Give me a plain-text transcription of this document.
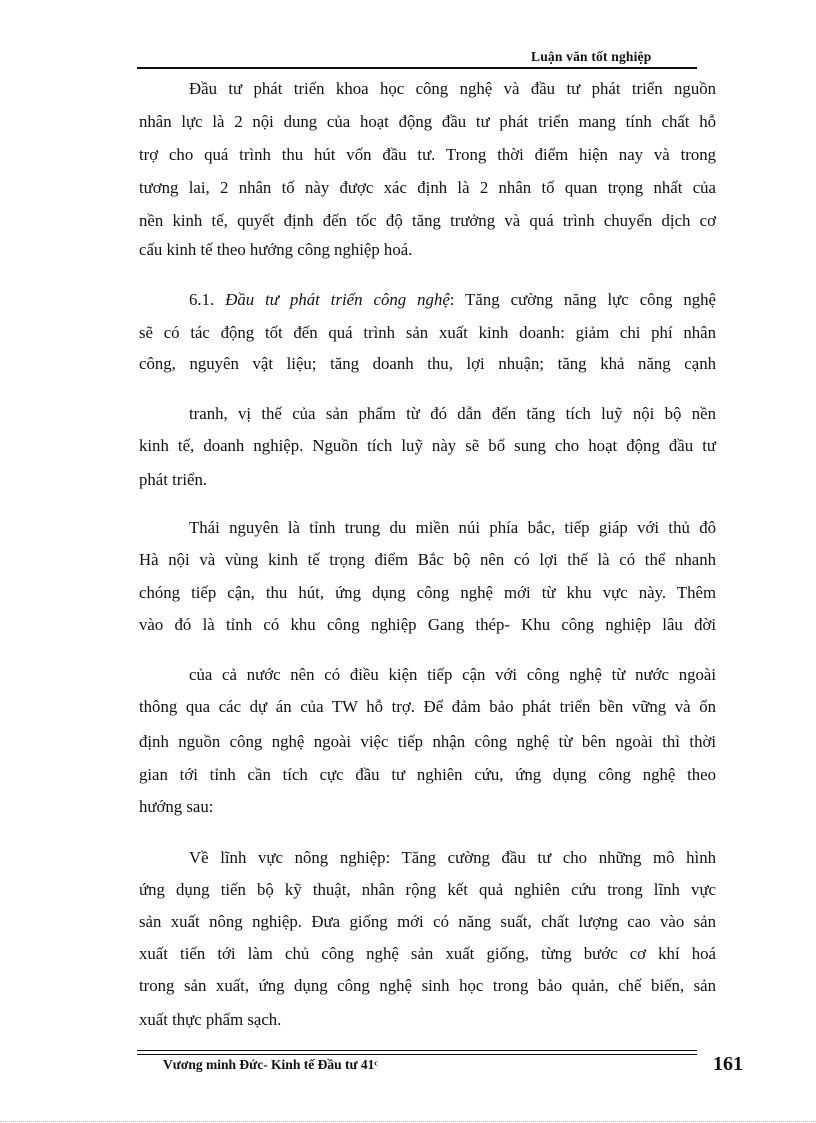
Luận văn tốt nghiệp
Đầu tư phát triển khoa học công nghệ và đầu tư phát triển nguồn
nhân lực là 2 nội dung của hoạt động đầu tư phát triển mang tính chất hỗ
trợ cho quá trình thu hút vốn đầu tư. Trong thời điểm hiện nay và trong
tương lai, 2 nhân tố này được xác định là 2 nhân tố quan trọng nhất của
nền kinh tế, quyết định đến tốc độ tăng trưởng và quá trình chuyển dịch cơ
cấu kinh tế theo hướng công nghiệp hoá.
6.1. Đầu tư phát triển công nghệ: Tăng cường năng lực công nghệ
sẽ có tác động tốt đến quá trình sản xuất kinh doanh: giảm chi phí nhân
công, nguyên vật liệu; tăng doanh thu, lợi nhuận; tăng khả năng cạnh
tranh, vị thế của sản phẩm từ đó dẫn đến tăng tích luỹ nội bộ nền
kinh tế, doanh nghiệp. Nguồn tích luỹ này sẽ bổ sung cho hoạt động đầu tư
phát triển.
Thái nguyên là tỉnh trung du miền núi phía bắc, tiếp giáp với thủ đô
Hà nội và vùng kinh tế trọng điểm Bắc bộ nên có lợi thế là có thể nhanh
chóng tiếp cận, thu hút, ứng dụng công nghệ mới từ khu vực này. Thêm
vào đó là tỉnh có khu công nghiệp Gang thép- Khu công nghiệp lâu đời
của cả nước nên có điều kiện tiếp cận với công nghệ từ nước ngoài
thông qua các dự án của TW hỗ trợ. Để đảm bảo phát triển bền vững và ổn
định nguồn công nghệ ngoài việc tiếp nhận công nghệ từ bên ngoài thì thời
gian tới tỉnh cần tích cực đầu tư nghiên cứu, ứng dụng công nghệ theo
hướng sau:
Về lĩnh vực nông nghiệp: Tăng cường đầu tư cho những mô hình
ứng dụng tiến bộ kỹ thuật, nhân rộng kết quả nghiên cứu trong lĩnh vực
sản xuất nông nghiệp. Đưa giống mới có năng suất, chất lượng cao vào sản
xuất tiến tới làm chủ công nghệ sản xuất giống, từng bước cơ khí hoá
trong sản xuất, ứng dụng công nghệ sinh học trong bảo quản, chế biến, sản
xuất thực phẩm sạch.
Vương minh Đức- Kinh tế Đầu tư 41ᶜ	161
